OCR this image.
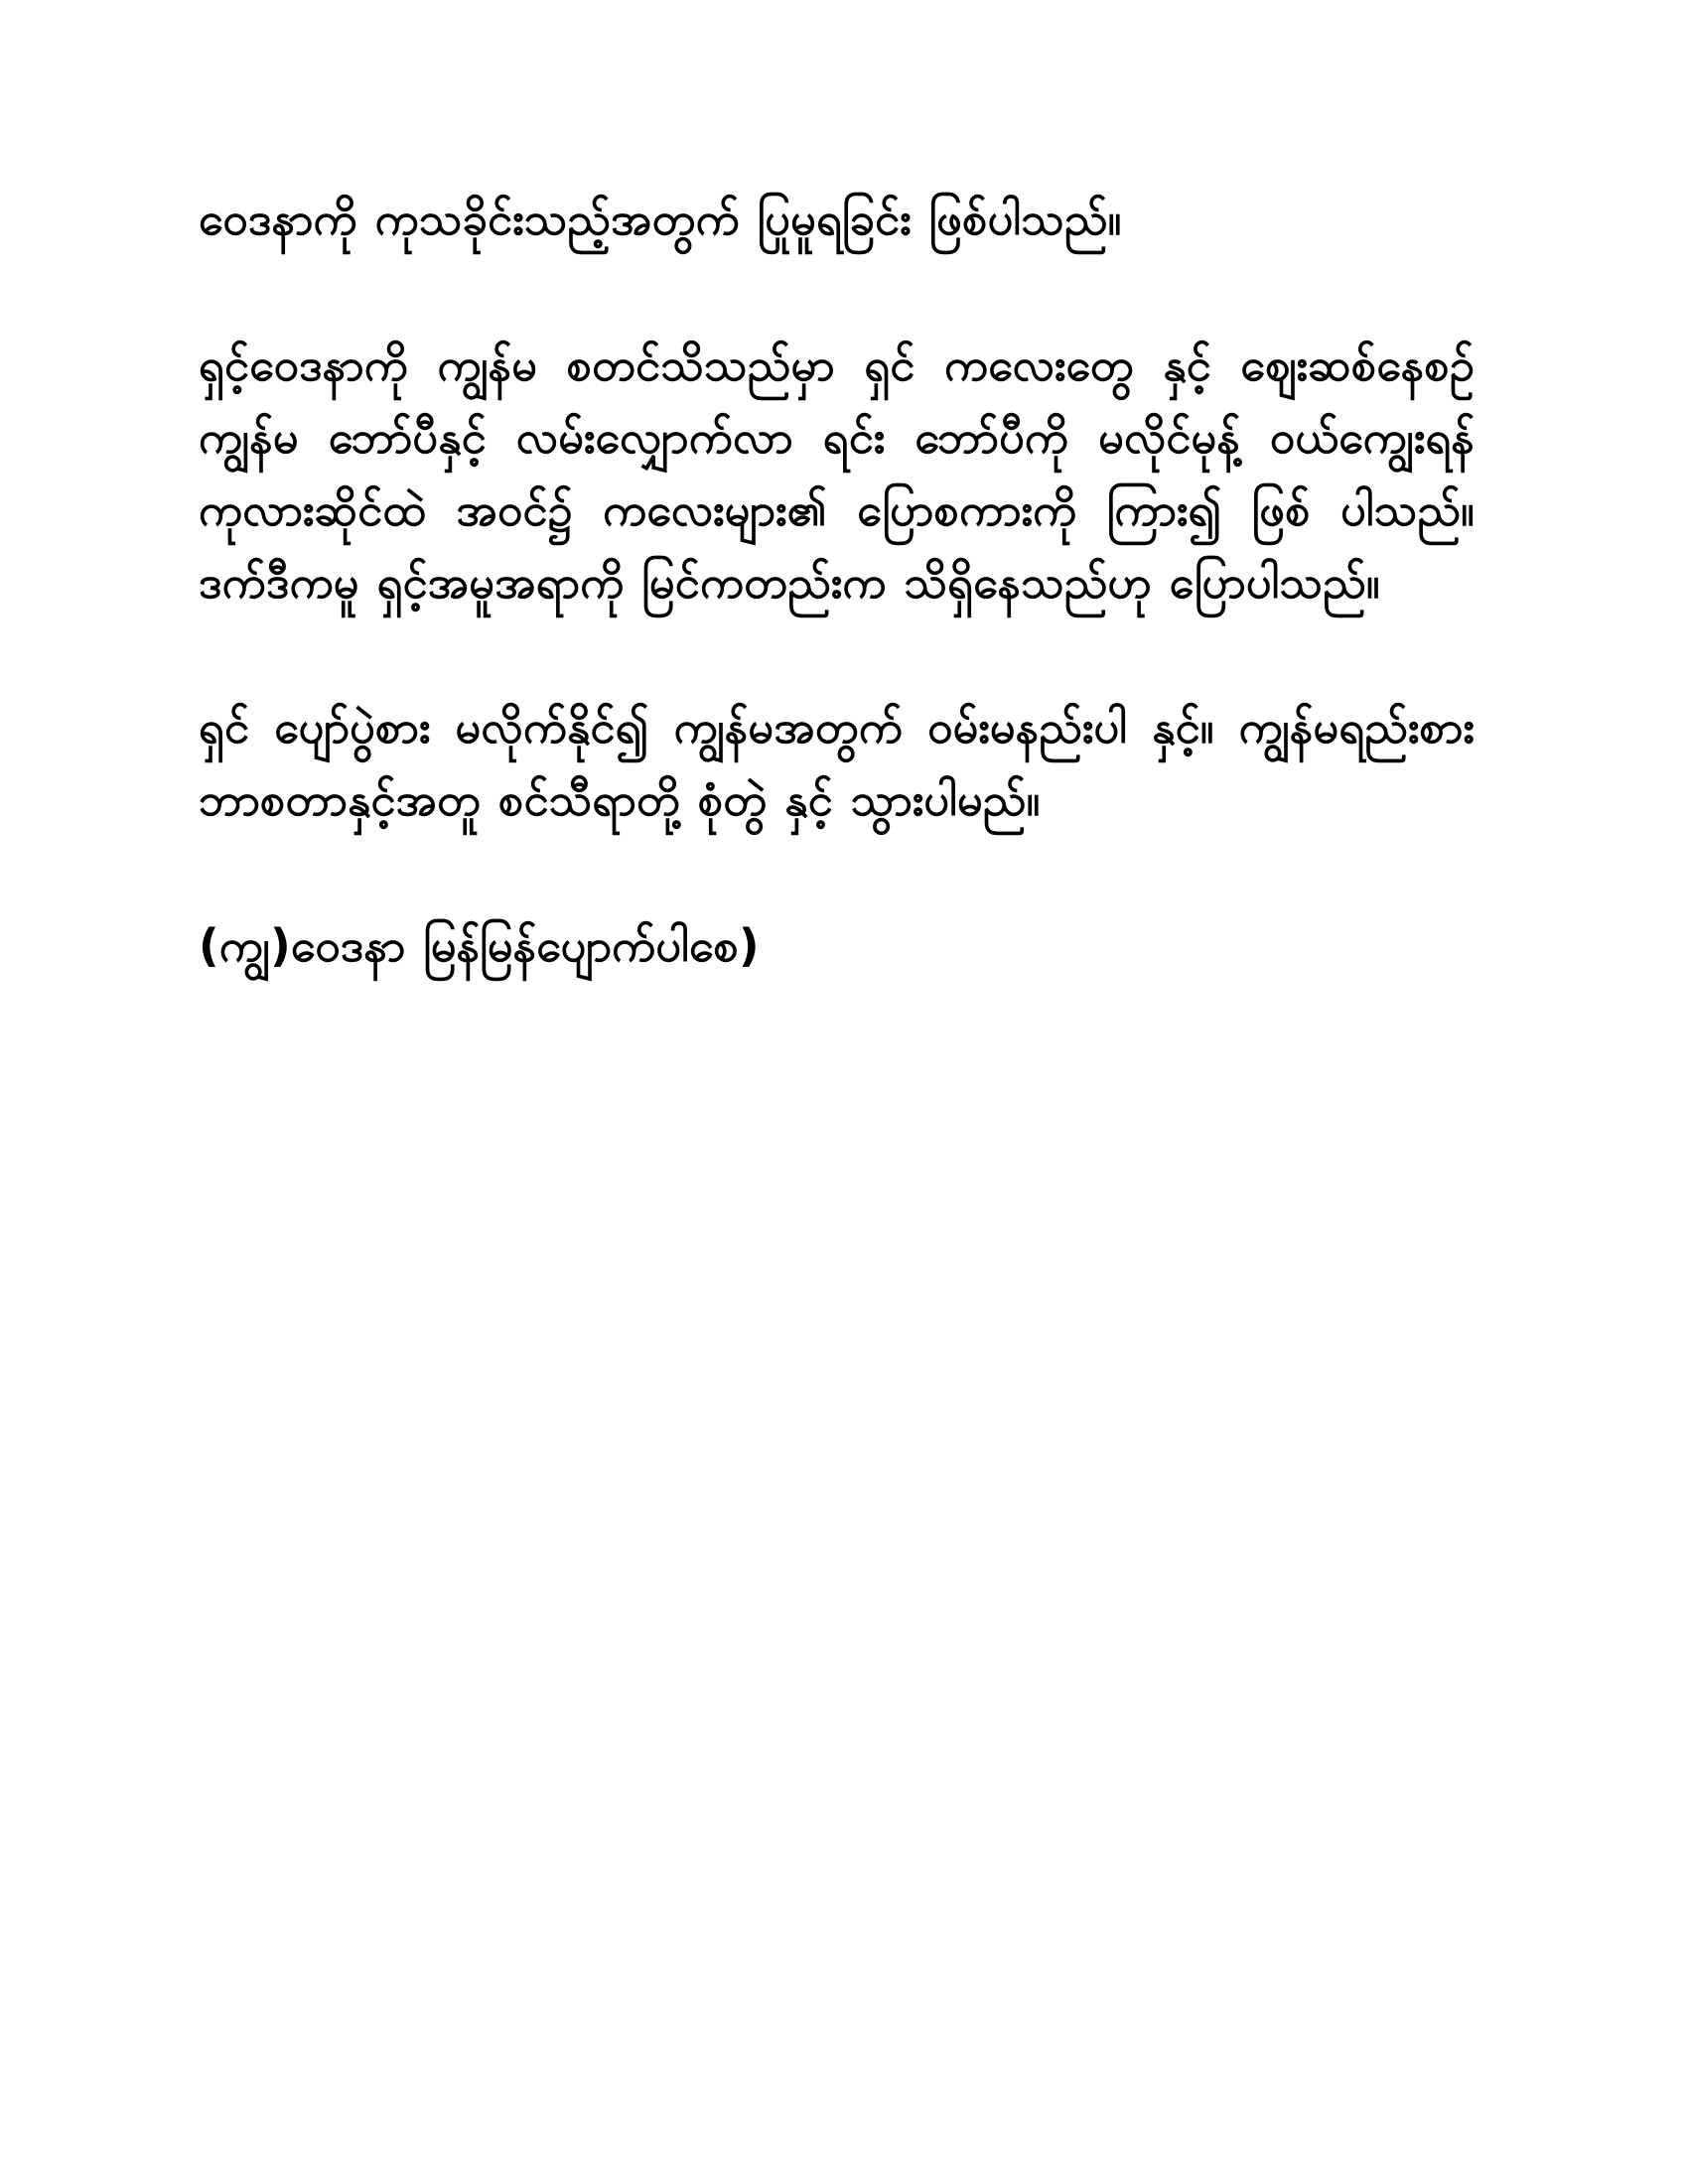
ဝေဒနာကို ကုသခိုင်းသည့်အတွက် ပြုမူရခြင်း ဖြစ်ပါသည်။

ရှင့်ဝေဒနာကို ကျွန်မ စတင်သိသည်မှာ ရှင် ကလေးတွေ နှင့် ဈေးဆစ်နေစဉ် ကျွန်မ ဘော်ပီနှင့် လမ်းလျှောက်လာ ရင်း ဘော်ပီကို မလိုင်မုန့် ဝယ်ကျွေးရန် ကုလားဆိုင်ထဲ အဝင်၌ ကလေးများ၏ ပြောစကားကို ကြား၍ ဖြစ် ပါသည်။ ဒက်ဒီကမူ ရှင့်အမူအရာကို မြင်ကတည်းက သိရှိနေသည်ဟု ပြောပါသည်။

ရှင် ပျော်ပွဲစား မလိုက်နိုင်၍ ကျွန်မအတွက် ဝမ်းမနည်းပါ နှင့်။ ကျွန်မရည်းစား ဘာစတာနှင့်အတူ စင်သီရာတို့ စုံတွဲ နှင့် သွားပါမည်။

(ကျွ)ဝေဒနာ မြန်မြန်ပျောက်ပါစေ)
